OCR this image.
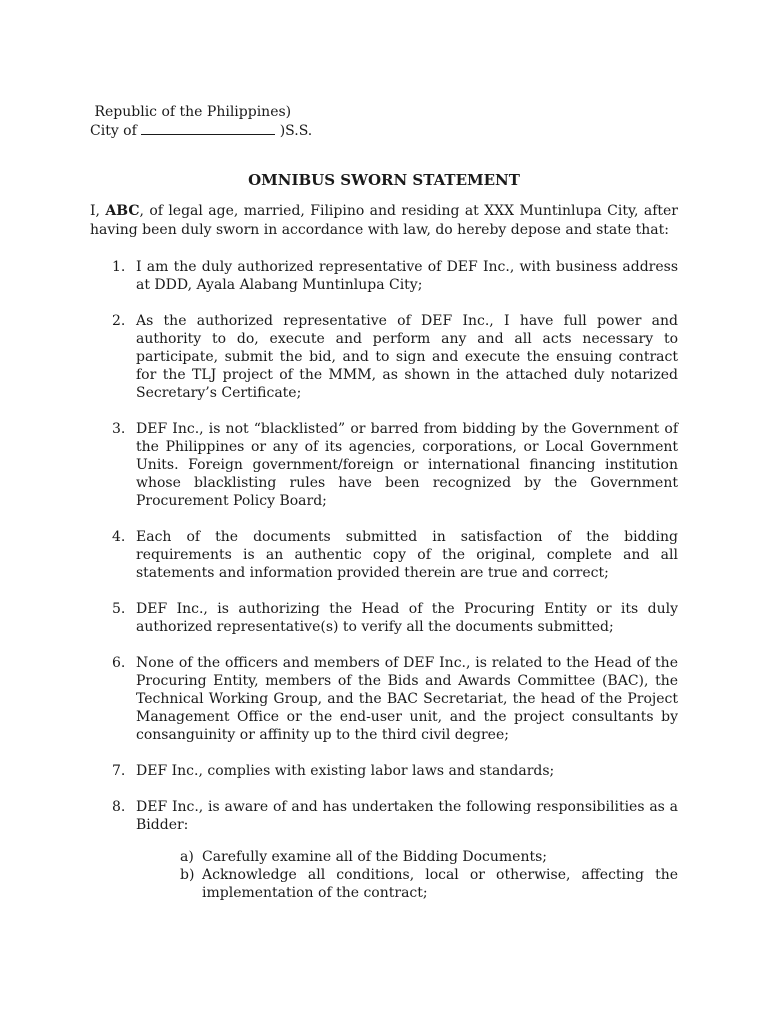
Republic of the Philippines)
City of	)S.S.
OMNIBUS SWORN STATEMENT
I, ABC, of legal age, married, Filipino and residing at XXX Muntinlupa City, after having been duly sworn in accordance with law, do hereby depose and state that:
1. I am the duly authorized representative of DEF Inc., with business address at DDD, Ayala Alabang Muntinlupa City;
2. As the authorized representative of DEF Inc., I have full power and authority to do, execute and perform any and all acts necessary to participate, submit the bid, and to sign and execute the ensuing contract for the TLJ project of the MMM, as shown in the attached duly notarized Secretary’s Certificate;
3. DEF Inc., is not “blacklisted” or barred from bidding by the Government of the Philippines or any of its agencies, corporations, or Local Government Units. Foreign government/foreign or international financing institution whose blacklisting rules have been recognized by the Government Procurement Policy Board;
4. Each of the documents submitted in satisfaction of the bidding requirements is an authentic copy of the original, complete and all statements and information provided therein are true and correct;
5. DEF Inc., is authorizing the Head of the Procuring Entity or its duly authorized representative(s) to verify all the documents submitted;
6. None of the officers and members of DEF Inc., is related to the Head of the Procuring Entity, members of the Bids and Awards Committee (BAC), the Technical Working Group, and the BAC Secretariat, the head of the Project Management Office or the end-user unit, and the project consultants by consanguinity or affinity up to the third civil degree;
7. DEF Inc., complies with existing labor laws and standards;
8. DEF Inc., is aware of and has undertaken the following responsibilities as a Bidder:
a) Carefully examine all of the Bidding Documents;
b) Acknowledge all conditions, local or otherwise, affecting the implementation of the contract;
